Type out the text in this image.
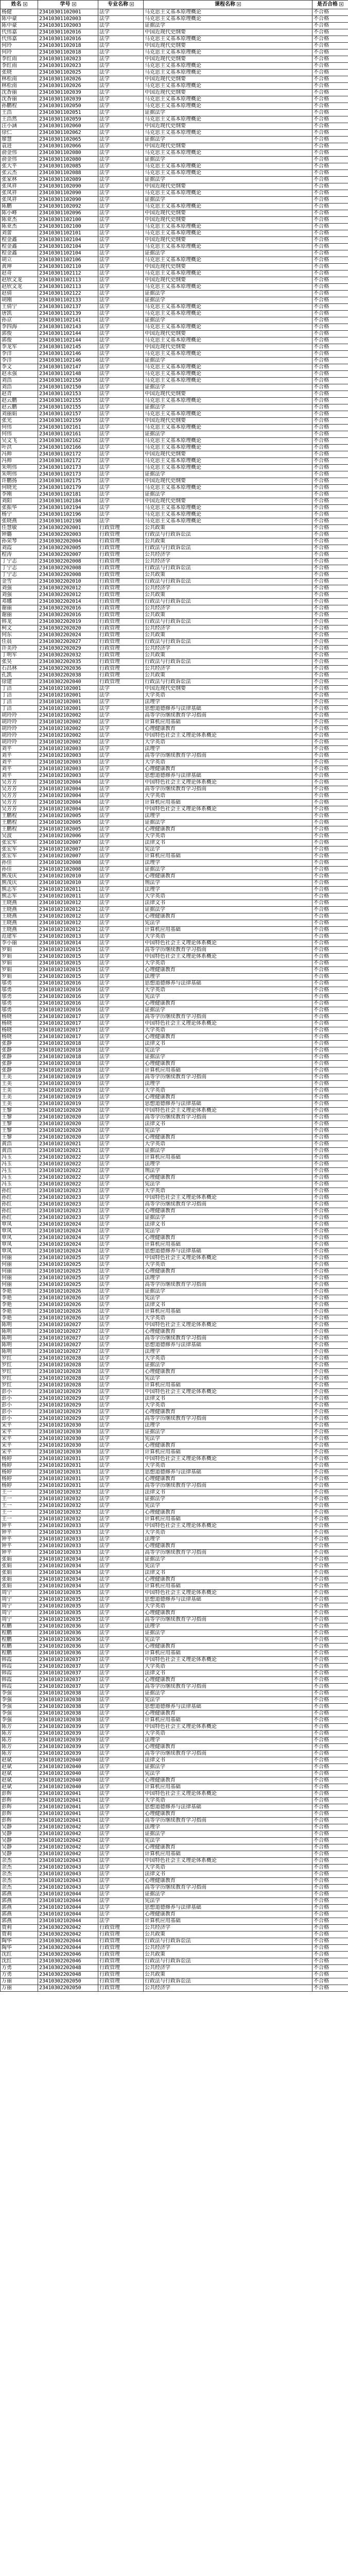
姓名	学号	专业名称	课程名称	是否合格
杨健	23410301102001	法学	马克思主义基本原理概论	不合格
陈中豪	23410301102003	法学	马克思主义基本原理概论	不合格
陈中豪	23410301102003	法学	证据法学	不合格
代伟嘉	23410301102016	法学	中国近现代史纲要	不合格
代伟嘉	23410301102016	法学	马克思主义基本原理概论	不合格
何玲	23410301102018	法学	中国近现代史纲要	不合格
何玲	23410301102018	法学	马克思主义基本原理概论	不合格
李红雨	23410301102023	法学	中国近现代史纲要	不合格
李红雨	23410301102023	法学	马克思主义基本原理概论	不合格
张晓	23410301102025	法学	马克思主义基本原理概论	不合格
林松南	23410301102026	法学	中国近现代史纲要	不合格
林松南	23410301102026	法学	马克思主义基本原理概论	不合格
沈香丽	23410301102039	法学	中国近现代史纲要	不合格
沈香丽	23410301102039	法学	马克思主义基本原理概论	不合格
孙鹏程	23410301102050	法学	马克思主义基本原理概论	不合格
王浩	23410301102051	法学	证据法学	不合格
王浩然	23410301102059	法学	马克思主义基本原理概论	不合格
汪小涵	23410301102060	法学	中国近现代史纲要	不合格
徐仁	23410301102062	法学	马克思主义基本原理概论	不合格
廖慧	23410301102065	法学	证据法学	不合格
袁进	23410301102066	法学	中国近现代史纲要	不合格
俞金伟	23410301102080	法学	马克思主义基本原理概论	不合格
俞金伟	23410301102080	法学	证据法学	不合格
张大平	23410301102085	法学	马克思主义基本原理概论	不合格
张云杰	23410301102088	法学	马克思主义基本原理概论	不合格
张家林	23410301102089	法学	证据法学	不合格
张凤祥	23410301102090	法学	中国近现代史纲要	不合格
张凤祥	23410301102090	法学	马克思主义基本原理概论	不合格
张凤祥	23410301102090	法学	证据法学	不合格
陈鹏	23410301102092	法学	马克思主义基本原理概论	不合格
陈小峰	23410301102096	法学	中国近现代史纲要	不合格
陈亚杰	23410301102100	法学	中国近现代史纲要	不合格
陈亚杰	23410301102100	法学	马克思主义基本原理概论	不合格
刘蕾	23410301102101	法学	马克思主义基本原理概论	不合格
程金鑫	23410301102104	法学	中国近现代史纲要	不合格
程金鑫	23410301102104	法学	马克思主义基本原理概论	不合格
程金鑫	23410301102104	法学	证据法学	不合格
胡立	23410301102106	法学	马克思主义基本原理概论	不合格
黄坤	23410301102110	法学	中国近现代史纲要	不合格
赵奇	23410301102112	法学	马克思主义基本原理概论	不合格
赵欣文龙	23410301102113	法学	中国近现代史纲要	不合格
赵欣文龙	23410301102113	法学	马克思主义基本原理概论	不合格
赵倩	23410301102122	法学	证据法学	不合格
胡刚	23410301102133	法学	证据法学	不合格
王倩宁	23410301102137	法学	马克思主义基本原理概论	不合格
唐凯	23410301102139	法学	马克思主义基本原理概论	不合格
孙京	23410301102141	法学	证据法学	不合格
李四海	23410301102143	法学	马克思主义基本原理概论	不合格
郭俊	23410301102144	法学	中国近现代史纲要	不合格
郭俊	23410301102144	法学	马克思主义基本原理概论	不合格
李龙军	23410301102145	法学	中国近现代史纲要	不合格
李洋	23410301102146	法学	马克思主义基本原理概论	不合格
李洋	23410301102146	法学	证据法学	不合格
李文	23410301102147	法学	马克思主义基本原理概论	不合格
赵永强	23410301102148	法学	马克思主义基本原理概论	不合格
刘浩	23410301102150	法学	马克思主义基本原理概论	不合格
刘浩	23410301102150	法学	证据法学	不合格
赵青	23410301102153	法学	中国近现代史纲要	不合格
赵云鹏	23410301102155	法学	马克思主义基本原理概论	不合格
赵云鹏	23410301102155	法学	证据法学	不合格
刘丽娟	23410301102157	法学	马克思主义基本原理概论	不合格
张光	23410301102159	法学	中国近现代史纲要	不合格
何伟	23410301102161	法学	马克思主义基本原理概论	不合格
何伟	23410301102161	法学	证据法学	不合格
吴文飞	23410301102162	法学	马克思主义基本原理概论	不合格
叶洪	23410301102166	法学	马克思主义基本原理概论	不合格
冯帅	23410301102172	法学	中国近现代史纲要	不合格
冯帅	23410301102172	法学	马克思主义基本原理概论	不合格
朱明伟	23410301102173	法学	马克思主义基本原理概论	不合格
朱明伟	23410301102173	法学	证据法学	不合格
许鹏扬	23410301102175	法学	中国近现代史纲要	不合格
何晓光	23410301102179	法学	马克思主义基本原理概论	不合格
李刚	23410301102181	法学	证据法学	不合格
刘阳	23410301102184	法学	中国近现代史纲要	不合格
张振华	23410301102194	法学	马克思主义基本原理概论	不合格
杨宁	23410301102196	法学	马克思主义基本原理概论	不合格
张晓燕	23410301102198	法学	马克思主义基本原理概论	不合格
任慧敏	23410302202001	行政管理	公共政策	不合格
钟璐	23410302202003	行政管理	行政法与行政诉讼法	不合格
孙荣琴	23410302202004	行政管理	公共政策	不合格
刘霞	23410302202005	行政管理	行政法与行政诉讼法	不合格
程涛	23410302202007	行政管理	公共经济学	不合格
丁宁志	23410302202008	行政管理	公共经济学	不合格
丁宁志	23410302202008	行政管理	行政法与行政诉讼法	不合格
丁宁志	23410302202008	行政管理	公共政策	不合格
金雪	23410302202010	行政管理	行政法与行政诉讼法	不合格
刘强	23410302202012	行政管理	公共经济学	不合格
刘强	23410302202012	行政管理	公共政策	不合格
邓娜	23410302202014	行政管理	行政法与行政诉讼法	不合格
谢丽	23410302202016	行政管理	公共经济学	不合格
谢丽	23410302202016	行政管理	公共政策	不合格
韩龙	23410302202019	行政管理	行政法与行政诉讼法	不合格
柯文	23410302202020	行政管理	公共经济学	不合格
何东	23410302202024	行政管理	公共政策	不合格
任晨	23410302202027	行政管理	行政法与行政诉讼法	不合格
许美玲	23410302202029	行政管理	公共经济学	不合格
丁明军	23410302202032	行政管理	公共政策	不合格
张昊	23410302202035	行政管理	行政法与行政诉讼法	不合格
石昌林	23410302202036	行政管理	公共经济学	不合格
孔凯	23410302202038	行政管理	公共政策	不合格
徐建	23410302202040	行政管理	行政法与行政诉讼法	不合格
丁洁	23410102102001	法学	中国近现代史纲要	不合格
丁洁	23410102102001	法学	大学英语	不合格
丁洁	23410102102001	法学	法理学	不合格
丁洁	23410102102001	法学	思想道德修养与法律基础	不合格
胡玲玲	23410102102002	法学	高等学历继续教育学习指南	不合格
胡玲玲	23410102102002	法学	计算机应用基础	不合格
胡玲玲	23410102102002	法学	心理健康教育	不合格
胡玲玲	23410102102002	法学	中国特色社会主义理论体系概论	不合格
胡玲玲	23410102102002	法学	大学英语	不合格
刘平	23410102102003	法学	法理学	不合格
刘平	23410102102003	法学	高等学历继续教育学习指南	不合格
刘平	23410102102003	法学	大学英语	不合格
刘平	23410102102003	法学	心理健康教育	不合格
刘平	23410102102003	法学	思想道德修养与法律基础	不合格
吴芳芳	23410102102004	法学	中国特色社会主义理论体系概论	不合格
吴芳芳	23410102102004	法学	高等学历继续教育学习指南	不合格
吴芳芳	23410102102004	法学	大学英语	不合格
吴芳芳	23410102102004	法学	计算机应用基础	不合格
吴芳芳	23410102102004	法学	中国特色社会主义理论体系概论	不合格
王鹏程	23410102102005	法学	法理学	不合格
王鹏程	23410102102005	法学	证据法学	不合格
王鹏程	23410102102005	法学	心理健康教育	不合格
吴波	23410102102006	法学	大学英语	不合格
张宏军	23410102102007	法学	法律文书	不合格
张宏军	23410102102007	法学	宪法学	不合格
张宏军	23410102102007	法学	计算机应用基础	不合格
孙佳	23410102102008	法学	法理学	不合格
孙佳	23410102102008	法学	证据法学	不合格
熊茂庆	23410102102010	法学	心理健康教育	不合格
熊茂庆	23410102102010	法学	刑法学	不合格
熊志军	23410102102011	法学	法理学	不合格
熊志军	23410102102011	法学	大学英语	不合格
王晓燕	23410102102012	法学	法律文书	不合格
王晓燕	23410102102012	法学	证据法学	不合格
王晓燕	23410102102012	法学	心理健康教育	不合格
王晓燕	23410102102012	法学	宪法学	不合格
王晓燕	23410102102012	法学	计算机应用基础	不合格
范建军	23410102102013	法学	大学英语	不合格
李小丽	23410102102014	法学	中国特色社会主义理论体系概论	不合格
罗娟	23410102102015	法学	高等学历继续教育学习指南	不合格
罗娟	23410102102015	法学	中国特色社会主义理论体系概论	不合格
罗娟	23410102102015	法学	大学英语	不合格
罗娟	23410102102015	法学	心理健康教育	不合格
罗娟	23410102102015	法学	法理学	不合格
邬勇	23410102102016	法学	思想道德修养与法律基础	不合格
邬勇	23410102102016	法学	大学英语	不合格
邬勇	23410102102016	法学	宪法学	不合格
邬勇	23410102102016	法学	心理健康教育	不合格
邬勇	23410102102016	法学	证据法学	不合格
杨晓	23410102102017	法学	高等学历继续教育学习指南	不合格
杨晓	23410102102017	法学	中国特色社会主义理论体系概论	不合格
杨晓	23410102102017	法学	大学英语	不合格
杨晓	23410102102017	法学	心理健康教育	不合格
张静	23410102102018	法学	法律文书	不合格
张静	23410102102018	法学	宪法学	不合格
张静	23410102102018	法学	证据法学	不合格
张静	23410102102018	法学	心理健康教育	不合格
张静	23410102102018	法学	计算机应用基础	不合格
王美	23410102102019	法学	高等学历继续教育学习指南	不合格
王美	23410102102019	法学	法理学	不合格
王美	23410102102019	法学	大学英语	不合格
王美	23410102102019	法学	心理健康教育	不合格
王美	23410102102019	法学	思想道德修养与法律基础	不合格
王黎	23410102102020	法学	中国特色社会主义理论体系概论	不合格
王黎	23410102102020	法学	高等学历继续教育学习指南	不合格
王黎	23410102102020	法学	法律文书	不合格
王黎	23410102102020	法学	宪法学	不合格
王黎	23410102102020	法学	心理健康教育	不合格
黄浩	23410102102021	法学	大学英语	不合格
黄浩	23410102102021	法学	证据法学	不合格
冯玉	23410102102022	法学	计算机应用基础	不合格
冯玉	23410102102022	法学	法理学	不合格
冯玉	23410102102022	法学	刑法学	不合格
冯玉	23410102102022	法学	心理健康教育	不合格
冯玉	23410102102022	法学	宪法学	不合格
孙红	23410102102023	法学	大学英语	不合格
孙红	23410102102023	法学	中国特色社会主义理论体系概论	不合格
孙红	23410102102023	法学	高等学历继续教育学习指南	不合格
孙红	23410102102023	法学	心理健康教育	不合格
孙红	23410102102023	法学	证据法学	不合格
覃凤	23410102102024	法学	法律文书	不合格
覃凤	23410102102024	法学	宪法学	不合格
覃凤	23410102102024	法学	心理健康教育	不合格
覃凤	23410102102024	法学	计算机应用基础	不合格
覃凤	23410102102024	法学	思想道德修养与法律基础	不合格
何丽	23410102102025	法学	中国特色社会主义理论体系概论	不合格
何丽	23410102102025	法学	大学英语	不合格
何丽	23410102102025	法学	心理健康教育	不合格
何丽	23410102102025	法学	法理学	不合格
何丽	23410102102025	法学	高等学历继续教育学习指南	不合格
李艳	23410102102026	法学	证据法学	不合格
李艳	23410102102026	法学	宪法学	不合格
李艳	23410102102026	法学	法律文书	不合格
李艳	23410102102026	法学	计算机应用基础	不合格
李艳	23410102102026	法学	大学英语	不合格
陈明	23410102102027	法学	中国特色社会主义理论体系概论	不合格
陈明	23410102102027	法学	心理健康教育	不合格
陈明	23410102102027	法学	高等学历继续教育学习指南	不合格
陈明	23410102102027	法学	思想道德修养与法律基础	不合格
陈明	23410102102027	法学	法理学	不合格
罗红	23410102102028	法学	大学英语	不合格
罗红	23410102102028	法学	证据法学	不合格
罗红	23410102102028	法学	心理健康教育	不合格
罗红	23410102102028	法学	宪法学	不合格
罗红	23410102102028	法学	计算机应用基础	不合格
彭小	23410102102029	法学	中国特色社会主义理论体系概论	不合格
彭小	23410102102029	法学	法律文书	不合格
彭小	23410102102029	法学	大学英语	不合格
彭小	23410102102029	法学	心理健康教育	不合格
彭小	23410102102029	法学	高等学历继续教育学习指南	不合格
宋平	23410102102030	法学	法理学	不合格
宋平	23410102102030	法学	证据法学	不合格
宋平	23410102102030	法学	宪法学	不合格
宋平	23410102102030	法学	心理健康教育	不合格
宋平	23410102102030	法学	计算机应用基础	不合格
杨婷	23410102102031	法学	中国特色社会主义理论体系概论	不合格
杨婷	23410102102031	法学	大学英语	不合格
杨婷	23410102102031	法学	思想道德修养与法律基础	不合格
杨婷	23410102102031	法学	心理健康教育	不合格
杨婷	23410102102031	法学	高等学历继续教育学习指南	不合格
王一	23410102102032	法学	法律文书	不合格
王一	23410102102032	法学	证据法学	不合格
王一	23410102102032	法学	宪法学	不合格
王一	23410102102032	法学	心理健康教育	不合格
王一	23410102102032	法学	计算机应用基础	不合格
钟平	23410102102033	法学	中国特色社会主义理论体系概论	不合格
钟平	23410102102033	法学	大学英语	不合格
钟平	23410102102033	法学	法理学	不合格
钟平	23410102102033	法学	心理健康教育	不合格
钟平	23410102102033	法学	高等学历继续教育学习指南	不合格
张娟	23410102102034	法学	证据法学	不合格
张娟	23410102102034	法学	宪法学	不合格
张娟	23410102102034	法学	法律文书	不合格
张娟	23410102102034	法学	心理健康教育	不合格
张娟	23410102102034	法学	计算机应用基础	不合格
周宁	23410102102035	法学	中国特色社会主义理论体系概论	不合格
周宁	23410102102035	法学	思想道德修养与法律基础	不合格
周宁	23410102102035	法学	大学英语	不合格
周宁	23410102102035	法学	心理健康教育	不合格
周宁	23410102102035	法学	高等学历继续教育学习指南	不合格
程鹏	23410102102036	法学	法理学	不合格
程鹏	23410102102036	法学	证据法学	不合格
程鹏	23410102102036	法学	宪法学	不合格
程鹏	23410102102036	法学	心理健康教育	不合格
程鹏	23410102102036	法学	计算机应用基础	不合格
韩霞	23410102102037	法学	中国特色社会主义理论体系概论	不合格
韩霞	23410102102037	法学	大学英语	不合格
韩霞	23410102102037	法学	法律文书	不合格
韩霞	23410102102037	法学	心理健康教育	不合格
韩霞	23410102102037	法学	高等学历继续教育学习指南	不合格
李强	23410102102038	法学	证据法学	不合格
李强	23410102102038	法学	宪法学	不合格
李强	23410102102038	法学	思想道德修养与法律基础	不合格
李强	23410102102038	法学	心理健康教育	不合格
李强	23410102102038	法学	计算机应用基础	不合格
陈芳	23410102102039	法学	中国特色社会主义理论体系概论	不合格
陈芳	23410102102039	法学	大学英语	不合格
陈芳	23410102102039	法学	法理学	不合格
陈芳	23410102102039	法学	心理健康教育	不合格
陈芳	23410102102039	法学	高等学历继续教育学习指南	不合格
赵斌	23410102102040	法学	法律文书	不合格
赵斌	23410102102040	法学	证据法学	不合格
赵斌	23410102102040	法学	宪法学	不合格
赵斌	23410102102040	法学	心理健康教育	不合格
赵斌	23410102102040	法学	计算机应用基础	不合格
彭辉	23410102102041	法学	中国特色社会主义理论体系概论	不合格
彭辉	23410102102041	法学	大学英语	不合格
彭辉	23410102102041	法学	思想道德修养与法律基础	不合格
彭辉	23410102102041	法学	心理健康教育	不合格
彭辉	23410102102041	法学	高等学历继续教育学习指南	不合格
吴静	23410102102042	法学	法理学	不合格
吴静	23410102102042	法学	证据法学	不合格
吴静	23410102102042	法学	宪法学	不合格
吴静	23410102102042	法学	心理健康教育	不合格
吴静	23410102102042	法学	计算机应用基础	不合格
余杰	23410102102043	法学	中国特色社会主义理论体系概论	不合格
余杰	23410102102043	法学	大学英语	不合格
余杰	23410102102043	法学	法律文书	不合格
余杰	23410102102043	法学	心理健康教育	不合格
余杰	23410102102043	法学	高等学历继续教育学习指南	不合格
郭燕	23410102102044	法学	证据法学	不合格
郭燕	23410102102044	法学	宪法学	不合格
郭燕	23410102102044	法学	思想道德修养与法律基础	不合格
郭燕	23410102102044	法学	心理健康教育	不合格
郭燕	23410102102044	法学	计算机应用基础	不合格
贾莉	23410302202042	行政管理	公共经济学	不合格
贾莉	23410302202042	行政管理	公共政策	不合格
陶华	23410302202044	行政管理	行政法与行政诉讼法	不合格
陶华	23410302202044	行政管理	公共经济学	不合格
沈红	23410302202046	行政管理	公共政策	不合格
沈红	23410302202046	行政管理	行政法与行政诉讼法	不合格
方勇	23410302202048	行政管理	公共经济学	不合格
方勇	23410302202048	行政管理	公共政策	不合格
万丽	23410302202050	行政管理	行政法与行政诉讼法	不合格
万丽	23410302202050	行政管理	公共经济学	不合格
